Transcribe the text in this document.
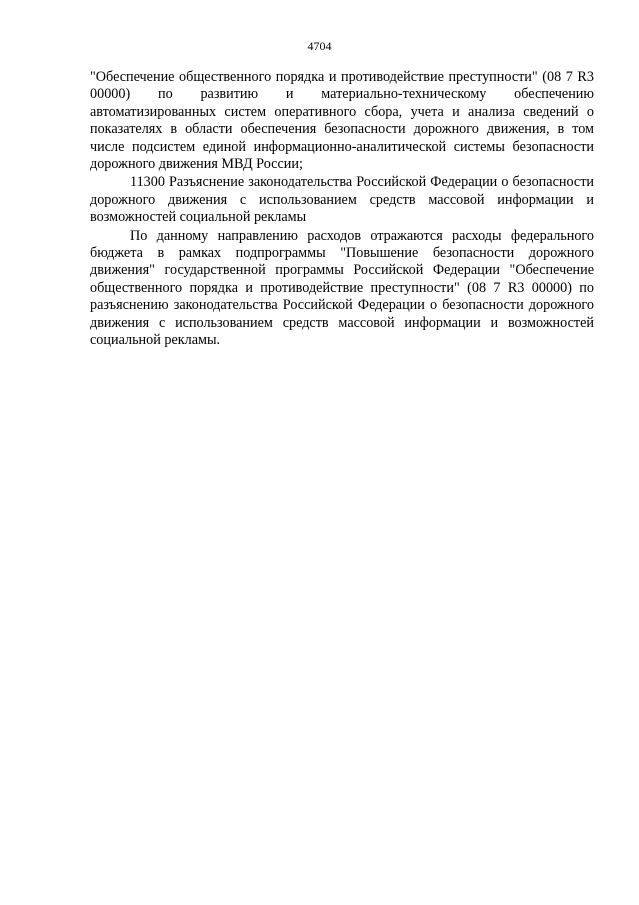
4704

"Обеспечение общественного порядка и противодействие преступности" (08 7 R3 00000) по развитию и материально-техническому обеспечению автоматизированных систем оперативного сбора, учета и анализа сведений о показателях в области обеспечения безопасности дорожного движения, в том числе подсистем единой информационно-аналитической системы безопасности дорожного движения МВД России;

11300 Разъяснение законодательства Российской Федерации о безопасности дорожного движения с использованием средств массовой информации и возможностей социальной рекламы

По данному направлению расходов отражаются расходы федерального бюджета в рамках подпрограммы "Повышение безопасности дорожного движения" государственной программы Российской Федерации "Обеспечение общественного порядка и противодействие преступности" (08 7 R3 00000) по разъяснению законодательства Российской Федерации о безопасности дорожного движения с использованием средств массовой информации и возможностей социальной рекламы.
